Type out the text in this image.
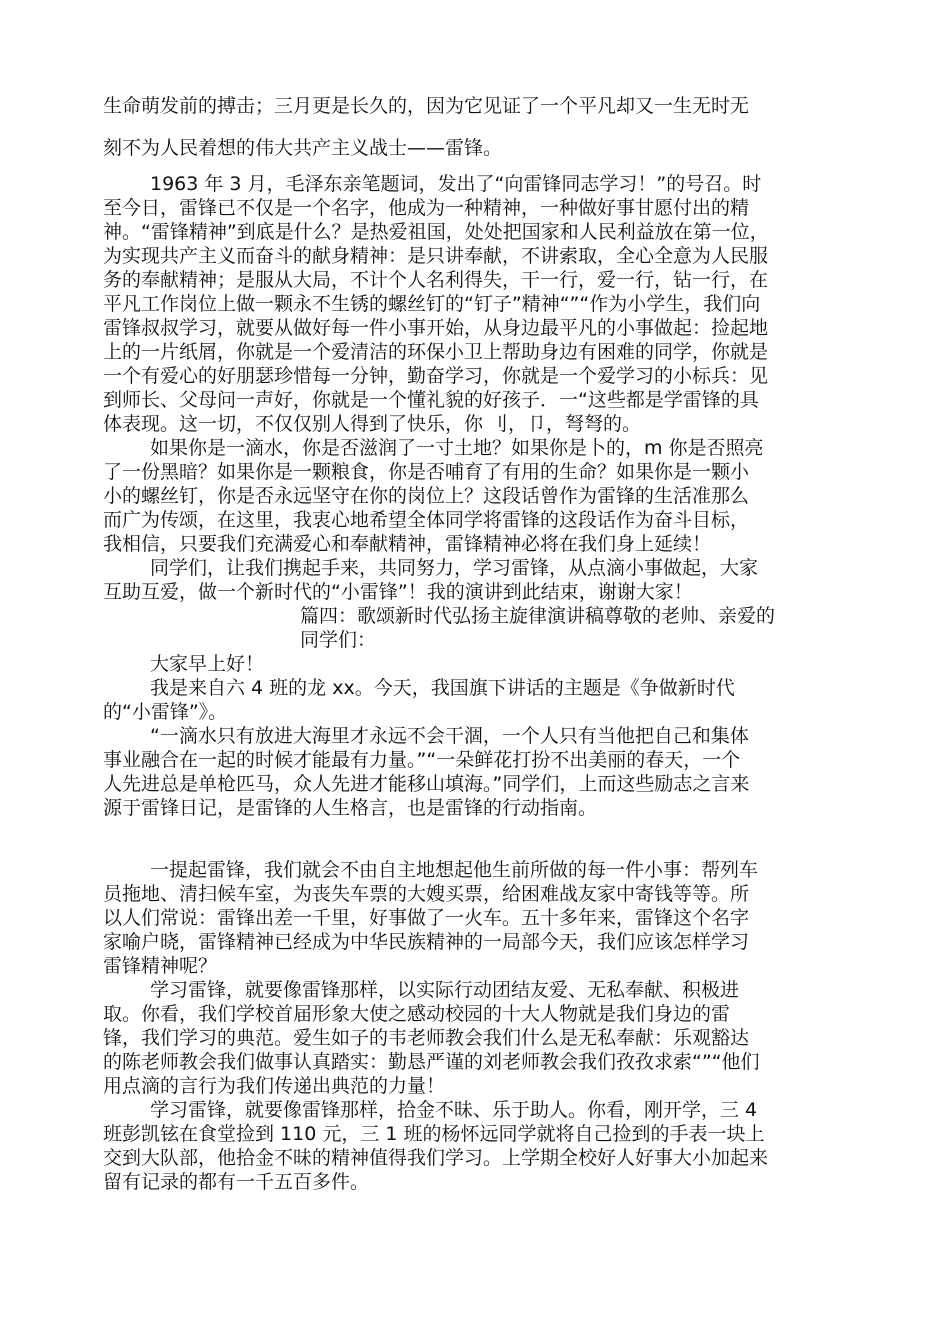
生命萌发前的搏击；三月更是长久的，因为它见证了一个平凡却又一生无时无
刻不为人民着想的伟大共产主义战士——雷锋。
1963 年 3 月，毛泽东亲笔题词，发出了“向雷锋同志学习！”的号召。时
至今日，雷锋已不仅是一个名字，他成为一种精神，一种做好事甘愿付出的精
神。“雷锋精神”到底是什么？是热爱祖国，处处把国家和人民利益放在第一位，
为实现共产主义而奋斗的献身精神：是只讲奉献，不讲索取，全心全意为人民服
务的奉献精神；是服从大局，不计个人名利得失，干一行，爱一行，钻一行，在
平凡工作岗位上做一颗永不生锈的螺丝钉的“钉子”精神“”“作为小学生，我们向
雷锋叔叔学习，就要从做好每一件小事开始，从身边最平凡的小事做起：捡起地
上的一片纸屑，你就是一个爱清洁的环保小卫上帮助身边有困难的同学，你就是
一个有爱心的好朋瑟珍惜每一分钟，勤奋学习，你就是一个爱学习的小标兵：见
到师长、父母问一声好，你就是一个懂礼貌的好孩子．一“这些都是学雷锋的具
体表现。这一切，不仅仅别人得到了快乐，你 刂，卩，弩弩的。
如果你是一滴水，你是否滋润了一寸土地？如果你是卜的，m 你是否照亮
了一份黑暗？如果你是一颗粮食，你是否哺育了有用的生命？如果你是一颗小
小的螺丝钉，你是否永远坚守在你的岗位上？这段话曾作为雷锋的生活准那么
而广为传颂，在这里，我衷心地希望全体同学将雷锋的这段话作为奋斗目标，
我相信，只要我们充满爱心和奉献精神，雷锋精神必将在我们身上延续！
同学们，让我们携起手来，共同努力，学习雷锋，从点滴小事做起，大家
互助互爱，做一个新时代的“小雷锋”！我的演讲到此结束，谢谢大家！
篇四：歌颂新时代弘扬主旋律演讲稿尊敬的老帅、亲爱的
同学们：
大家早上好！
我是来自六 4 班的龙 xx。今天，我国旗下讲话的主题是《争做新时代
的“小雷锋”》。
“一滴水只有放进大海里才永远不会干涸，一个人只有当他把自己和集体
事业融合在一起的时候才能最有力量。”“一朵鲜花打扮不出美丽的春天，一个
人先进总是单枪匹马，众人先进才能移山填海。”同学们，上而这些励志之言来
源于雷锋日记，是雷锋的人生格言，也是雷锋的行动指南。
一提起雷锋，我们就会不由自主地想起他生前所做的每一件小事：帮列车
员拖地、清扫候车室，为丧失车票的大嫂买票，给困难战友家中寄钱等等。所
以人们常说：雷锋出差一千里，好事做了一火车。五十多年来，雷锋这个名字
家喻户晓，雷锋精神已经成为中华民族精神的一局部今天，我们应该怎样学习
雷锋精神呢？
学习雷锋，就要像雷锋那样，以实际行动团结友爱、无私奉献、积极进
取。你看，我们学校首届形象大使之感动校园的十大人物就是我们身边的雷
锋，我们学习的典范。爱生如子的韦老师教会我们什么是无私奉献：乐观豁达
的陈老师教会我们做事认真踏实：勤恳严谨的刘老师教会我们孜孜求索“”“他们
用点滴的言行为我们传递出典范的力量！
学习雷锋，就要像雷锋那样，拾金不昧、乐于助人。你看，刚开学，三 4
班彭凯铉在食堂捡到 110 元，三 1 班的杨怀远同学就将自己捡到的手表一块上
交到大队部，他拾金不昧的精神值得我们学习。上学期全校好人好事大小加起来
留有记录的都有一千五百多件。
